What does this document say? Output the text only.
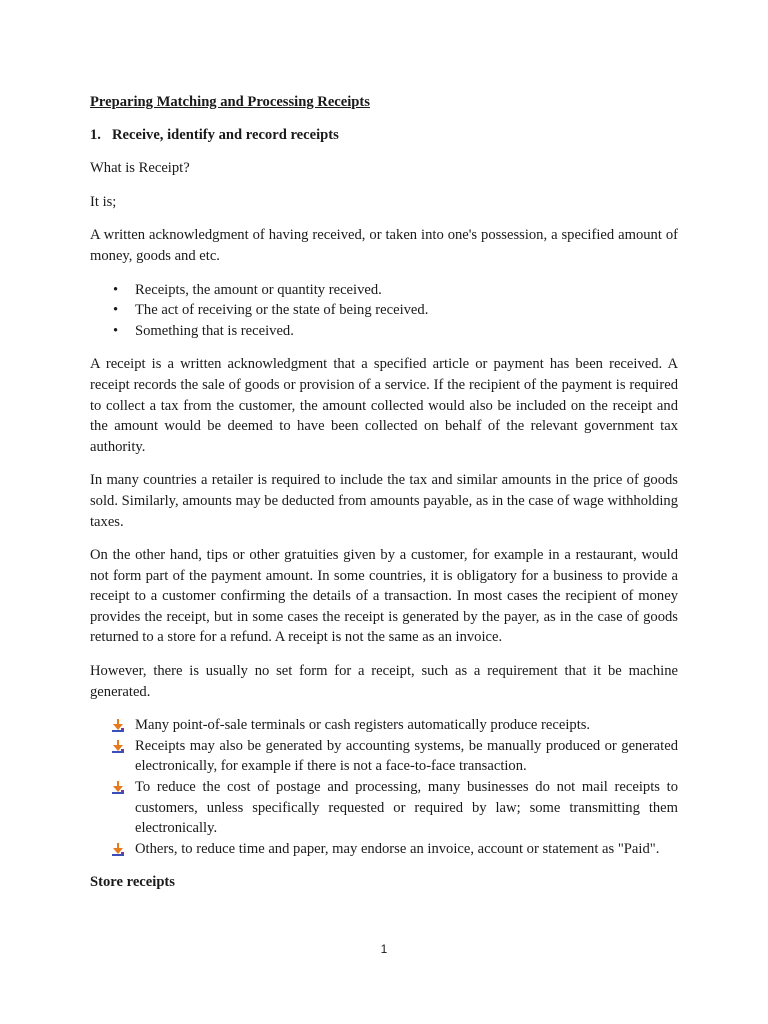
Preparing Matching and Processing Receipts
1. Receive, identify and record receipts

What is Receipt?

It is;

A written acknowledgment of having received, or taken into one's possession, a specified amount of money, goods and etc.

• Receipts, the amount or quantity received.
• The act of receiving or the state of being received.
• Something that is received.

A receipt is a written acknowledgment that a specified article or payment has been received. A receipt records the sale of goods or provision of a service. If the recipient of the payment is required to collect a tax from the customer, the amount collected would also be included on the receipt and the amount would be deemed to have been collected on behalf of the relevant government tax authority.

In many countries a retailer is required to include the tax and similar amounts in the price of goods sold. Similarly, amounts may be deducted from amounts payable, as in the case of wage withholding taxes.

On the other hand, tips or other gratuities given by a customer, for example in a restaurant, would not form part of the payment amount. In some countries, it is obligatory for a business to provide a receipt to a customer confirming the details of a transaction. In most cases the recipient of money provides the receipt, but in some cases the receipt is generated by the payer, as in the case of goods returned to a store for a refund. A receipt is not the same as an invoice.

However, there is usually no set form for a receipt, such as a requirement that it be machine generated.

Many point-of-sale terminals or cash registers automatically produce receipts.
Receipts may also be generated by accounting systems, be manually produced or generated electronically, for example if there is not a face-to-face transaction.
To reduce the cost of postage and processing, many businesses do not mail receipts to customers, unless specifically requested or required by law; some transmitting them electronically.
Others, to reduce time and paper, may endorse an invoice, account or statement as "Paid".
Store receipts
1
